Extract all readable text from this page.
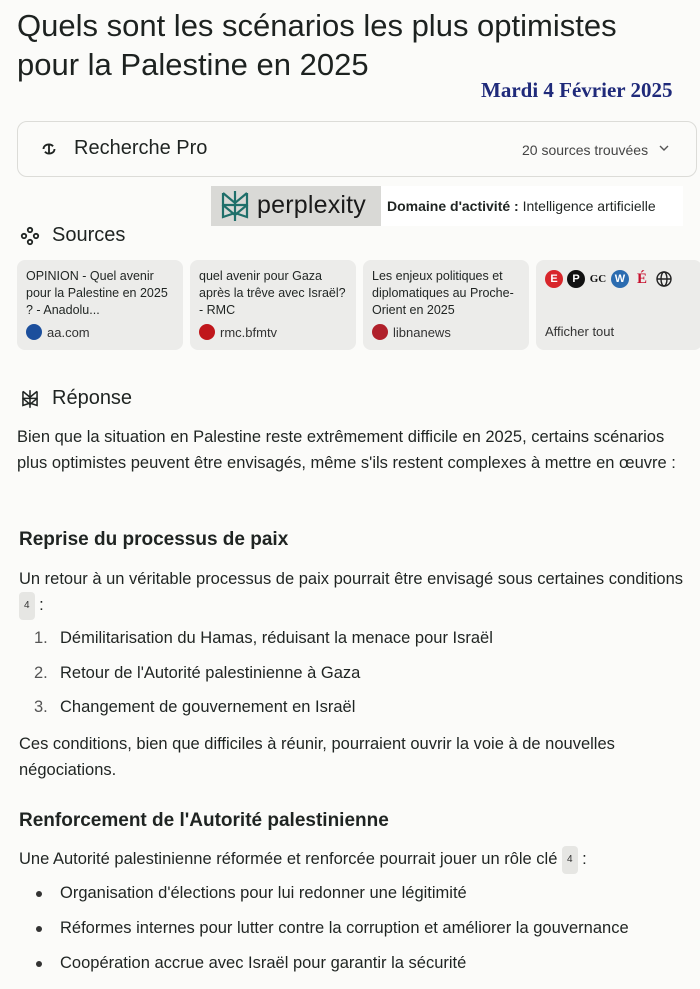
Quels sont les scénarios les plus optimistes
pour la Palestine en 2025
Mardi 4 Février 2025
Recherche Pro	20 sources trouvées
perplexity	Domaine d'activité : Intelligence artificielle
Sources
OPINION - Quel avenir pour la Palestine en 2025 ? - Anadolu...
aa.com
quel avenir pour Gaza après la trêve avec Israël? - RMC
rmc.bfmtv
Les enjeux politiques et diplomatiques au Proche-Orient en 2025
libnanews
E	P GC W É
Afficher tout
Réponse
Bien que la situation en Palestine reste extrêmement difficile en 2025, certains scénarios plus optimistes peuvent être envisagés, même s'ils restent complexes à mettre en œuvre :
Reprise du processus de paix
Un retour à un véritable processus de paix pourrait être envisagé sous certaines conditions 4 :
1. Démilitarisation du Hamas, réduisant la menace pour Israël
2. Retour de l'Autorité palestinienne à Gaza
3. Changement de gouvernement en Israël
Ces conditions, bien que difficiles à réunir, pourraient ouvrir la voie à de nouvelles négociations.
Renforcement de l'Autorité palestinienne
Une Autorité palestinienne réformée et renforcée pourrait jouer un rôle clé 4 :
Organisation d'élections pour lui redonner une légitimité
Réformes internes pour lutter contre la corruption et améliorer la gouvernance
Coopération accrue avec Israël pour garantir la sécurité
